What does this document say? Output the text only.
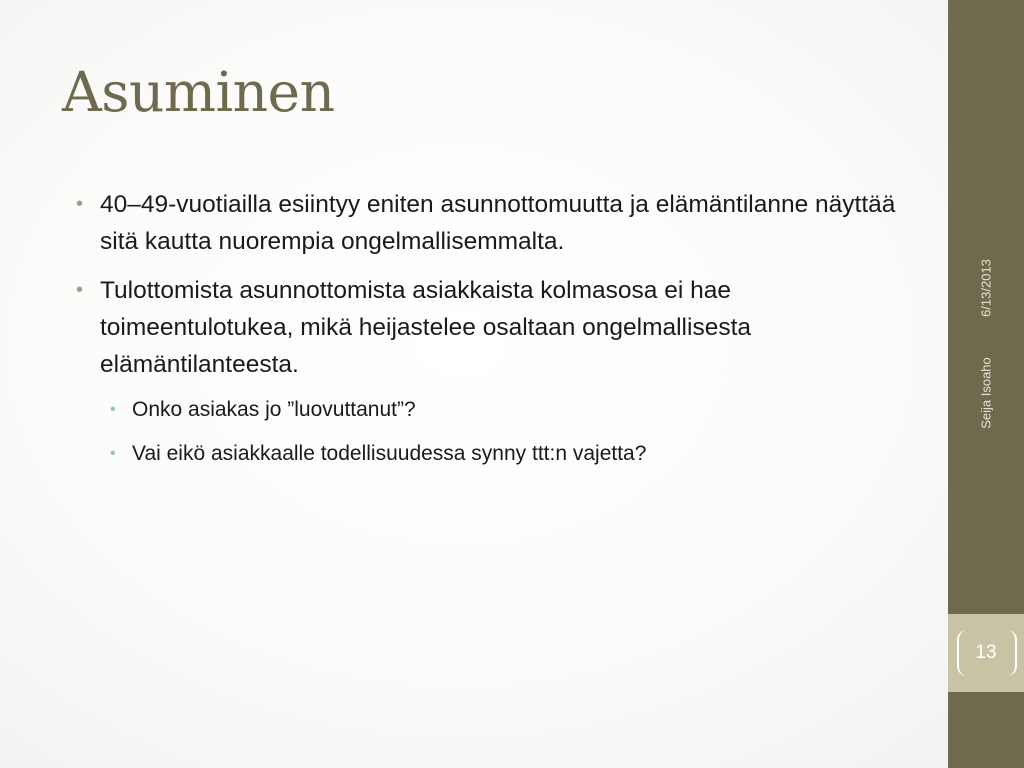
Asuminen
• 40–49-vuotiailla esiintyy eniten asunnottomuutta ja elämäntilanne näyttää sitä kautta nuorempia ongelmallisemmalta.
• Tulottomista asunnottomista asiakkaista kolmasosa ei hae toimeentulotukea, mikä heijastelee osaltaan ongelmallisesta elämäntilanteesta.
• Onko asiakas jo ”luovuttanut”?
• Vai eikö asiakkaalle todellisuudessa synny ttt:n vajetta?
6/13/2013
Seija Isoaho
13
